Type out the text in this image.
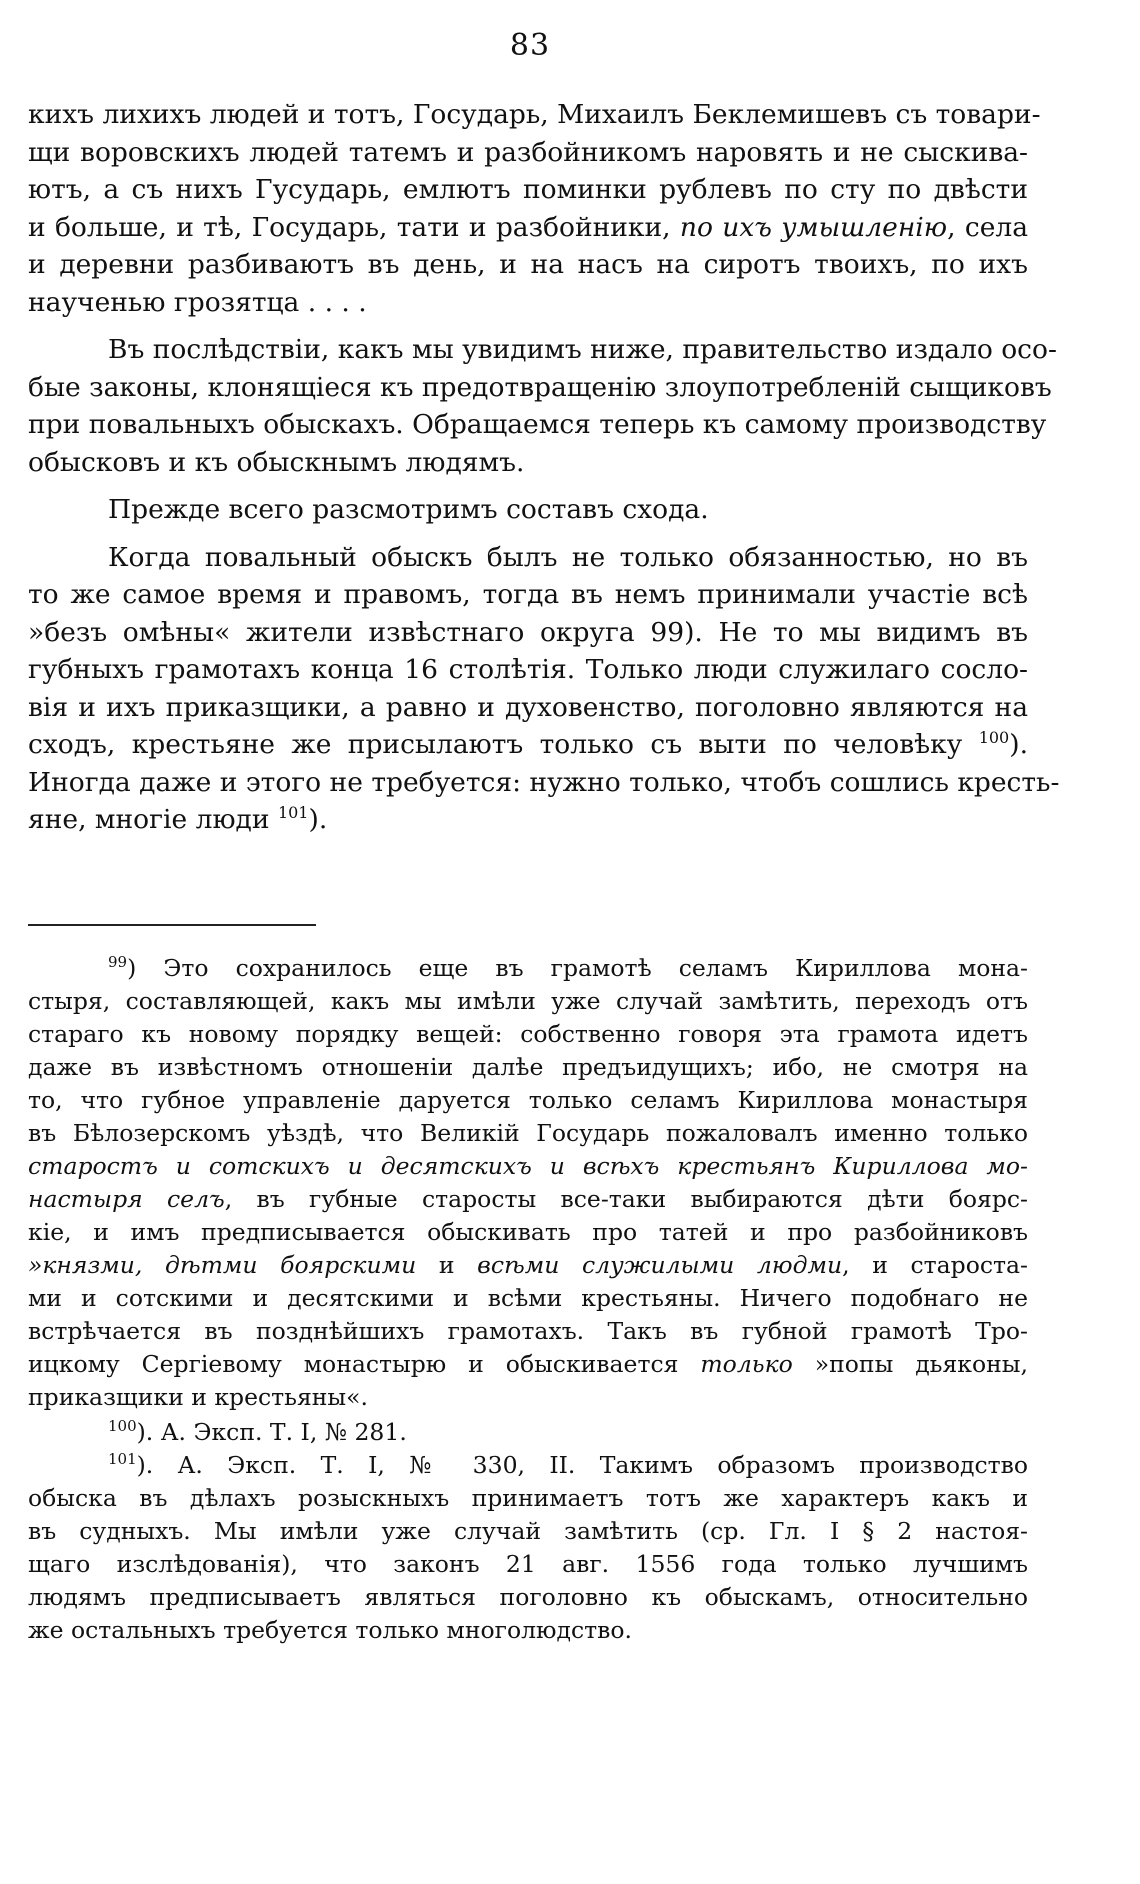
83
кихъ лихихъ людей и тотъ, Государь, Михаилъ Беклемишевъ съ товари-
щи воровскихъ людей татемъ и разбойникомъ наровять и не сыскива-
ютъ, а съ нихъ Гусударь, емлютъ поминки рублевъ по сту по двѣсти
и больше, и тѣ, Государь, тати и разбойники, по ихъ умышленію, села
и деревни разбиваютъ въ день, и на насъ на сиротъ твоихъ, по ихъ
наученью грозятца . . . .
Въ послѣдствіи, какъ мы увидимъ ниже, правительство издало осо-
бые законы, клонящіеся къ предотвращенію злоупотребленій сыщиковъ
при повальныхъ обыскахъ. Обращаемся теперь къ самому производству
обысковъ и къ обыскнымъ людямъ.
Прежде всего разсмотримъ составъ схода.
Когда повальный обыскъ былъ не только обязанностью, но въ
то же самое время и правомъ, тогда въ немъ принимали участіе всѣ
»безъ омѣны« жители извѣстнаго округа 99). Не то мы видимъ въ
губныхъ грамотахъ конца 16 столѣтія. Только люди служилаго сосло-
вія и ихъ приказщики, а равно и духовенство, поголовно являются на
сходъ, крестьяне же присылаютъ только съ выти по человѣку $^{100}$).
Иногда даже и этого не требуется: нужно только, чтобъ сошлись кресть-
яне, многіе люди $^{101}$).
$^{99}$) Это сохранилось еще въ грамотѣ селамъ Кириллова мона-
стыря, составляющей, какъ мы имѣли уже случай замѣтить, переходъ отъ
стараго къ новому порядку вещей: собственно говоря эта грамота идетъ
даже въ извѣстномъ отношеніи далѣе предъидущихъ; ибо, не смотря на
то, что губное управленіе даруется только селамъ Кириллова монастыря
въ Бѣлозерскомъ уѣздѣ, что Великій Государь пожаловалъ именно только
старостъ и сотскихъ и десятскихъ и всѣхъ крестьянъ Кириллова мо-
настыря селъ, въ губные старосты все-таки выбираются дѣти боярс-
кіе, и имъ предписывается обыскивать про татей и про разбойниковъ
»князми, дѣтми боярскими и всѣми служилыми людми, и староста-
ми и сотскими и десятскими и всѣми крестьяны. Ничего подобнаго не
встрѣчается въ позднѣйшихъ грамотахъ. Такъ въ губной грамотѣ Тро-
ицкому Сергіевому монастырю и обыскивается только »попы дьяконы,
приказщики и крестьяны«.
$^{100}$). А. Эксп. Т. I, № 281.
$^{101}$). А. Эксп. Т. I, № 330, II. Такимъ образомъ производство
обыска въ дѣлахъ розыскныхъ принимаетъ тотъ же характеръ какъ и
въ судныхъ. Мы имѣли уже случай замѣтить (ср. Гл. I § 2 настоя-
щаго изслѣдованія), что законъ 21 авг. 1556 года только лучшимъ
людямъ предписываетъ являться поголовно къ обыскамъ, относительно
же остальныхъ требуется только многолюдство.
